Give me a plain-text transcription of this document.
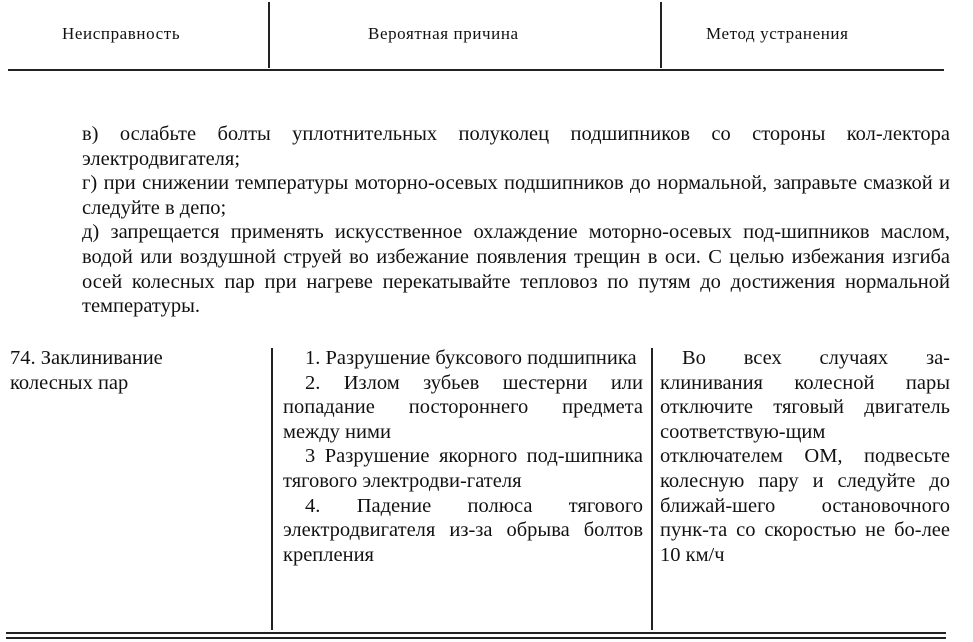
Неисправность	Вероятная причина	Метод устранения

в) ослабьте болты уплотнительных полуколец подшипников со стороны кол-лектора электродвигателя;

г) при снижении температуры моторно-осевых подшипников до нормальной, заправьте смазкой и следуйте в депо;

д) запрещается применять искусственное охлаждение моторно-осевых под-шипников маслом, водой или воздушной струей во избежание появления трещин в оси. С целью избежания изгиба осей колесных пар при нагреве перекатывайте тепловоз по путям до достижения нормальной температуры.

74. Заклинивание
колесных пар

1. Разрушение буксового подшипника

2. Излом зубьев шестерни или попадание постороннего предмета между ними

3 Разрушение якорного под-шипника тягового электродви-гателя

4. Падение полюса тягового электродвигателя из-за обрыва болтов крепления

Во всех случаях за-клинивания колесной пары отключите тяговый двигатель соответствую-щим отключателем ОМ, подвесьте колесную пару и следуйте до ближай-шего остановочного пунк-та со скоростью не бо-лее 10 км/ч
